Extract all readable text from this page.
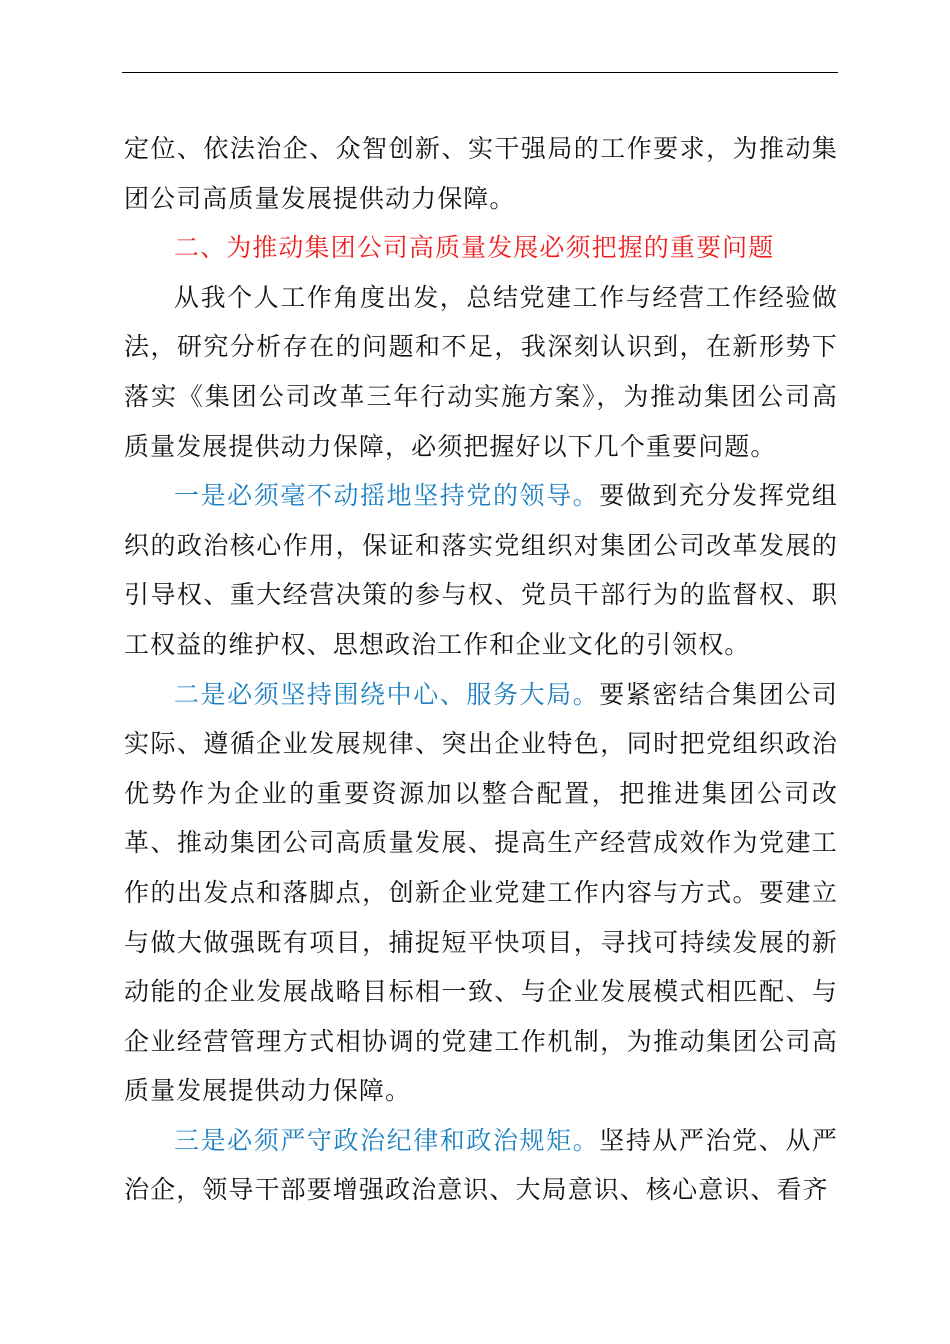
定位、依法治企、众智创新、实干强局的工作要求，为推动集团公司高质量发展提供动力保障。

二、为推动集团公司高质量发展必须把握的重要问题

从我个人工作角度出发，总结党建工作与经营工作经验做法，研究分析存在的问题和不足，我深刻认识到，在新形势下落实《集团公司改革三年行动实施方案》，为推动集团公司高质量发展提供动力保障，必须把握好以下几个重要问题。

一是必须毫不动摇地坚持党的领导。要做到充分发挥党组织的政治核心作用，保证和落实党组织对集团公司改革发展的引导权、重大经营决策的参与权、党员干部行为的监督权、职工权益的维护权、思想政治工作和企业文化的引领权。

二是必须坚持围绕中心、服务大局。要紧密结合集团公司实际、遵循企业发展规律、突出企业特色，同时把党组织政治优势作为企业的重要资源加以整合配置，把推进集团公司改革、推动集团公司高质量发展、提高生产经营成效作为党建工作的出发点和落脚点，创新企业党建工作内容与方式。要建立与做大做强既有项目，捕捉短平快项目，寻找可持续发展的新动能的企业发展战略目标相一致、与企业发展模式相匹配、与企业经营管理方式相协调的党建工作机制，为推动集团公司高质量发展提供动力保障。

三是必须严守政治纪律和政治规矩。坚持从严治党、从严治企，领导干部要增强政治意识、大局意识、核心意识、看齐
